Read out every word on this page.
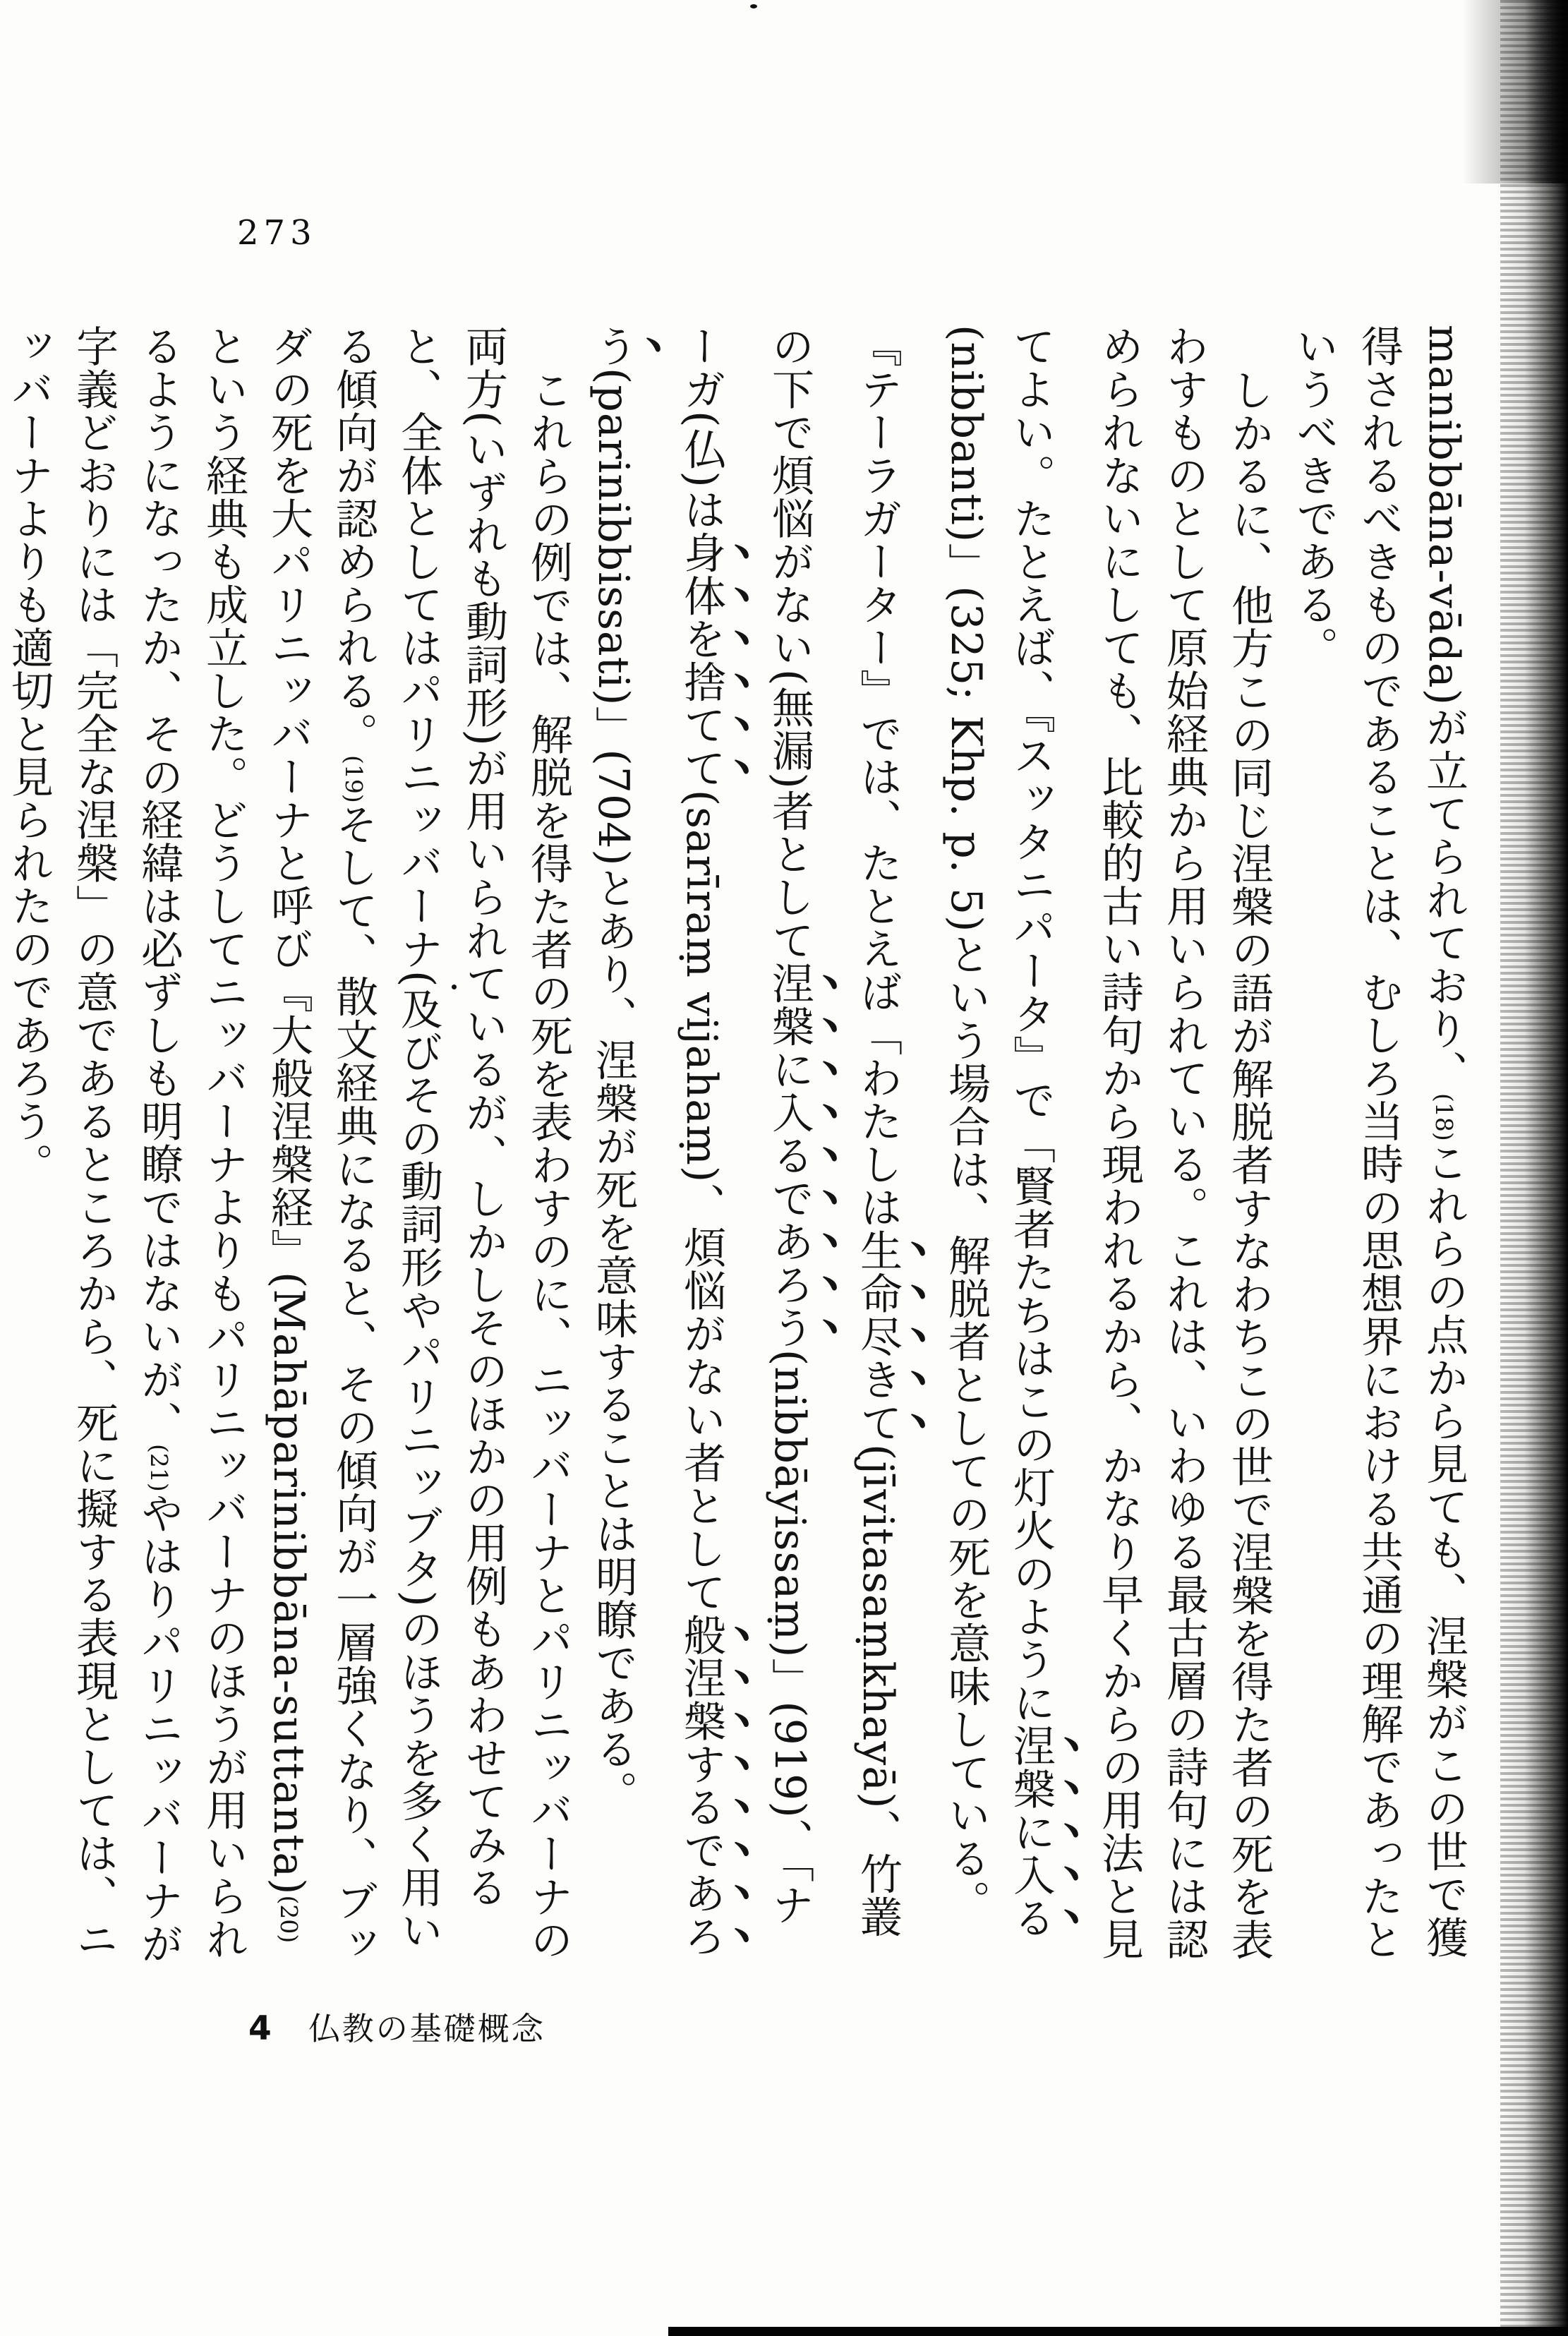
273

manibbāna-vāda)が立てられており、(18)これらの点から見ても、涅槃がこの世で獲得されるべきものであることは、むしろ当時の思想界における共通の理解であったというべきである。

しかるに、他方この同じ涅槃の語が解脱者すなわちこの世で涅槃を得た者の死を表わすものとして原始経典から用いられている。これは、いわゆる最古層の詩句には認められないにしても、比較的古い詩句から現われるから、かなり早くからの用法と見てよい。たとえば、『スッタニパータ』で「賢者たちはこの灯火のように涅槃に入る(nibbanti)」(325; Khp. p. 5)という場合は、解脱者としての死を意味している。『テーラガーター』では、たとえば「わたしは生命尽きて(jīvitasaṃkhayā)、竹叢の下で煩悩がない(無漏)者として涅槃に入るであろう(nibbāyissaṃ)」(919)、「ナーガ(仏)は身体を捨てて(sarīraṃ vijahaṃ)、煩悩がない者として般涅槃するであろう(parinibbissati)」(704)とあり、涅槃が死を意味することは明瞭である。

これらの例では、解脱を得た者の死を表わすのに、ニッバーナとパリニッバーナの両方(いずれも動詞形)が用いられているが、しかしそのほかの用例もあわせてみると、全体としてはパリニッバーナ(及びその動詞形やパリニッブタ)のほうを多く用いる傾向が認められる。(19)そして、散文経典になると、その傾向が一層強くなり、ブッダの死を大パリニッバーナと呼び『大般涅槃経』(Mahāparinibbāna-suttanta)(20)という経典も成立した。どうしてニッバーナよりもパリニッバーナのほうが用いられるようになったか、その経緯は必ずしも明瞭ではないが、(21)やはりパリニッバーナが字義どおりには「完全な涅槃」の意であるところから、死に擬する表現としては、ニッバーナよりも適切と見られたのであろう。

4 仏教の基礎概念
